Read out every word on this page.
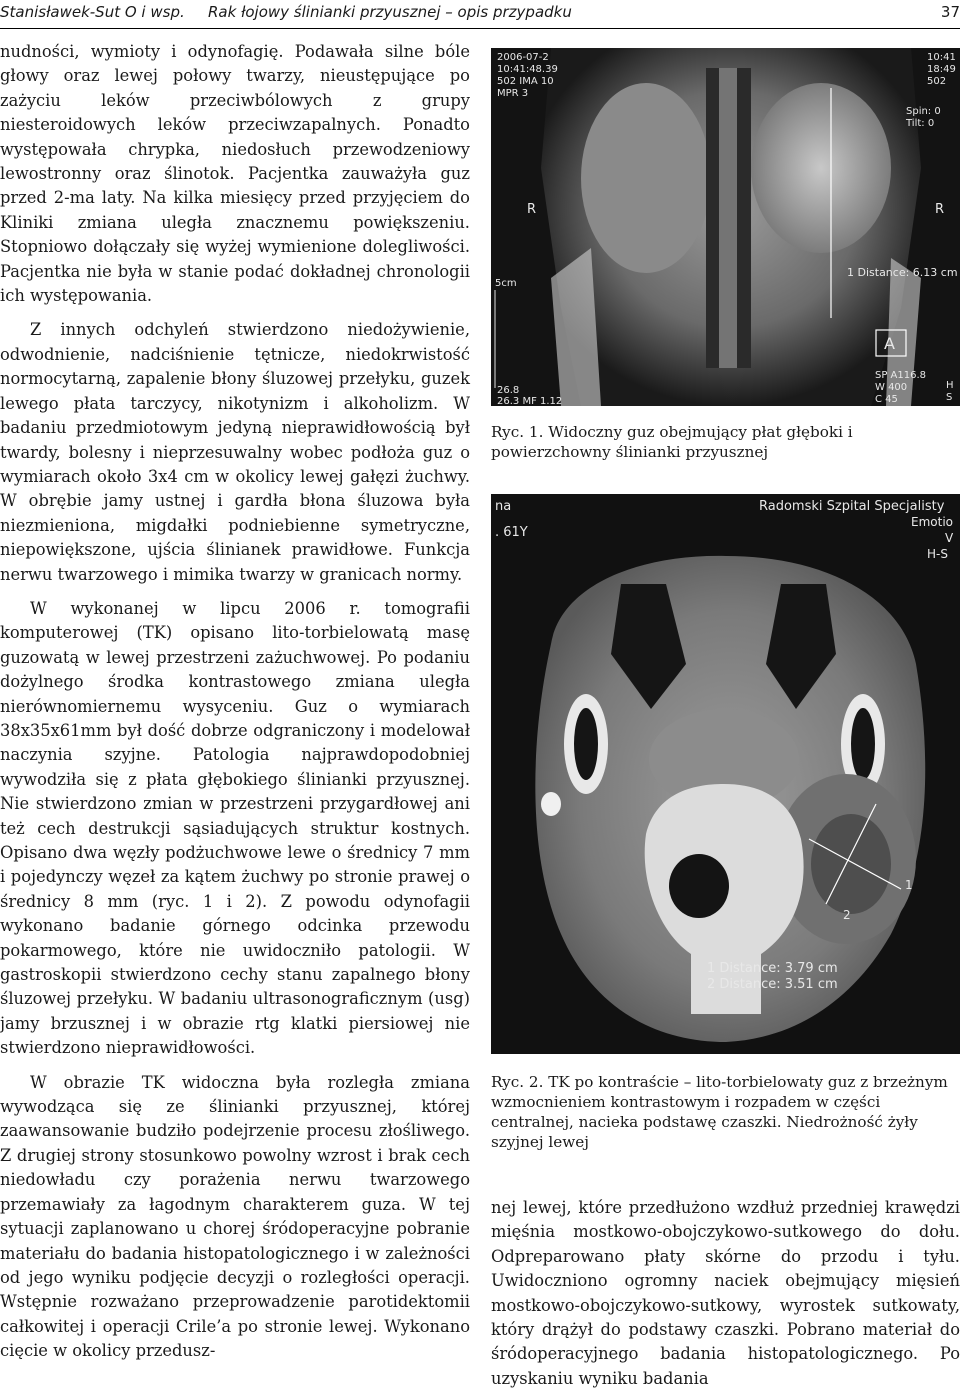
Stanisławek-Sut O i wsp. Rak łojowy ślinianki przyusznej – opis przypadku	37

nudności, wymioty i odynofagię. Podawała silne bóle głowy oraz lewej połowy twarzy, nieustępujące po zażyciu leków przeciwbólowych z grupy niesteroidowych leków przeciwzapalnych. Ponadto występowała chrypka, niedosłuch przewodzeniowy lewostronny oraz ślinotok. Pacjentka zauważyła guz przed 2-ma laty. Na kilka miesięcy przed przyjęciem do Kliniki zmiana uległa znacznemu powiększeniu. Stopniowo dołączały się wyżej wymienione dolegliwości. Pacjentka nie była w stanie podać dokładnej chronologii ich występowania.

Z innych odchyleń stwierdzono niedożywienie, odwodnienie, nadciśnienie tętnicze, niedokrwistość normocytarną, zapalenie błony śluzowej przełyku, guzek lewego płata tarczycy, nikotynizm i alkoholizm. W badaniu przedmiotowym jedyną nieprawidłowością był twardy, bolesny i nieprzesuwalny wobec podłoża guz o wymiarach około 3x4 cm w okolicy lewej gałęzi żuchwy. W obrębie jamy ustnej i gardła błona śluzowa była niezmieniona, migdałki podniebienne symetryczne, niepowiększone, ujścia ślinianek prawidłowe. Funkcja nerwu twarzowego i mimika twarzy w granicach normy.

W wykonanej w lipcu 2006 r. tomografii komputerowej (TK) opisano lito-torbielowatą masę guzowatą w lewej przestrzeni zażuchwowej. Po podaniu dożylnego środka kontrastowego zmiana uległa nierównomiernemu wysyceniu. Guz o wymiarach 38x35x61mm był dość dobrze odgraniczony i modelował naczynia szyjne. Patologia najprawdopodobniej wywodziła się z płata głębokiego ślinianki przyusznej. Nie stwierdzono zmian w przestrzeni przygardłowej ani też cech destrukcji sąsiadujących struktur kostnych. Opisano dwa węzły podżuchwowe lewe o średnicy 7 mm i pojedynczy węzeł za kątem żuchwy po stronie prawej o średnicy 8 mm (ryc. 1 i 2). Z powodu odynofagii wykonano badanie górnego odcinka przewodu pokarmowego, które nie uwidoczniło patologii. W gastroskopii stwierdzono cechy stanu zapalnego błony śluzowej przełyku. W badaniu ultrasonograficznym (usg) jamy brzusznej i w obrazie rtg klatki piersiowej nie stwierdzono nieprawidłowości.

W obrazie TK widoczna była rozległa zmiana wywodząca się ze ślinianki przyusznej, której zaawansowanie budziło podejrzenie procesu złośliwego. Z drugiej strony stosunkowo powolny wzrost i brak cech niedowładu czy porażenia nerwu twarzowego przemawiały za łagodnym charakterem guza. W tej sytuacji zaplanowano u chorej śródoperacyjne pobranie materiału do badania histopatologicznego i w zależności od jego wyniku podjęcie decyzji o rozległości operacji. Wstępnie rozważano przeprowadzenie parotidektomii całkowitej i operacji Crile’a po stronie lewej. Wykonano cięcie w okolicy przedusz-

2006-07-2
10:41:48.39
502 IMA 10
MPR 3
10:41
18:49
502
Spin: 0
Tilt: 0
R	R
5cm
1 Distance: 6.13 cm
A
26.8
26.3 MF 1.12
SP A116.8
W 400
C 45
H
S
Ryc. 1. Widoczny guz obejmujący płat głęboki i powierzchowny ślinianki przyusznej
na
. 61Y
Radomski Szpital Specjalisty
Emotio
V
H-S
1
2
1 Distance: 3.79 cm
2 Distance: 3.51 cm
Ryc. 2. TK po kontraście – lito-torbielowaty guz z brzeżnym wzmocnieniem kontrastowym i rozpadem w części centralnej, nacieka podstawę czaszki. Niedrożność żyły szyjnej lewej

nej lewej, które przedłużono wzdłuż przedniej krawędzi mięśnia mostkowo-obojczykowo-sutkowego do dołu. Odpreparowano płaty skórne do przodu i tyłu. Uwidoczniono ogromny naciek obejmujący mięsień mostkowo-obojczykowo-sutkowy, wyrostek sutkowaty, który drążył do podstawy czaszki. Pobrano materiał do śródoperacyjnego badania histopatologicznego. Po uzyskaniu wyniku badania
